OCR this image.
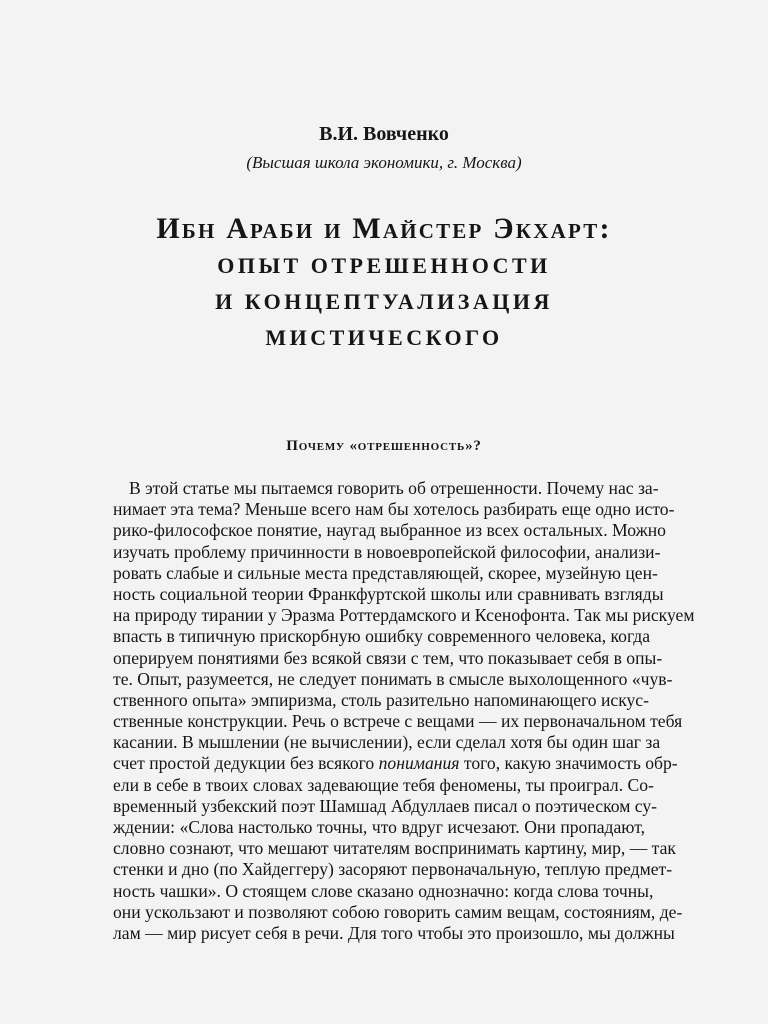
В.И. Вовченко
(Высшая школа экономики, г. Москва)

Ибн Араби и Майстер Экхарт:

ОПЫТ ОТРЕШЕННОСТИ

И КОНЦЕПТУАЛИЗАЦИЯ

МИСТИЧЕСКОГО

Почему «отрешенность»?
В этой статье мы пытаемся говорить об отрешенности. Почему нас за-
нимает эта тема? Меньше всего нам бы хотелось разбирать еще одно исто-
рико-философское понятие, наугад выбранное из всех остальных. Можно
изучать проблему причинности в новоевропейской философии, анализи-
ровать слабые и сильные места представляющей, скорее, музейную цен-
ность социальной теории Франкфуртской школы или сравнивать взгляды
на природу тирании у Эразма Роттердамского и Ксенофонта. Так мы рискуем
впасть в типичную прискорбную ошибку современного человека, когда
оперируем понятиями без всякой связи с тем, что показывает себя в опы-
те. Опыт, разумеется, не следует понимать в смысле выхолощенного «чув-
ственного опыта» эмпиризма, столь разительно напоминающего искус-
ственные конструкции. Речь о встрече с вещами — их первоначальном тебя
касании. В мышлении (не вычислении), если сделал хотя бы один шаг за
счет простой дедукции без всякого понимания того, какую значимость обр-
ели в себе в твоих словах задевающие тебя феномены, ты проиграл. Со-
временный узбекский поэт Шамшад Абдуллаев писал о поэтическом су-
ждении: «Слова настолько точны, что вдруг исчезают. Они пропадают,
словно сознают, что мешают читателям воспринимать картину, мир, — так
стенки и дно (по Хайдеггеру) засоряют первоначальную, теплую предмет-
ность чашки». О стоящем слове сказано однозначно: когда слова точны,
они ускользают и позволяют собою говорить самим вещам, состояниям, де-
лам — мир рисует себя в речи. Для того чтобы это произошло, мы должны
